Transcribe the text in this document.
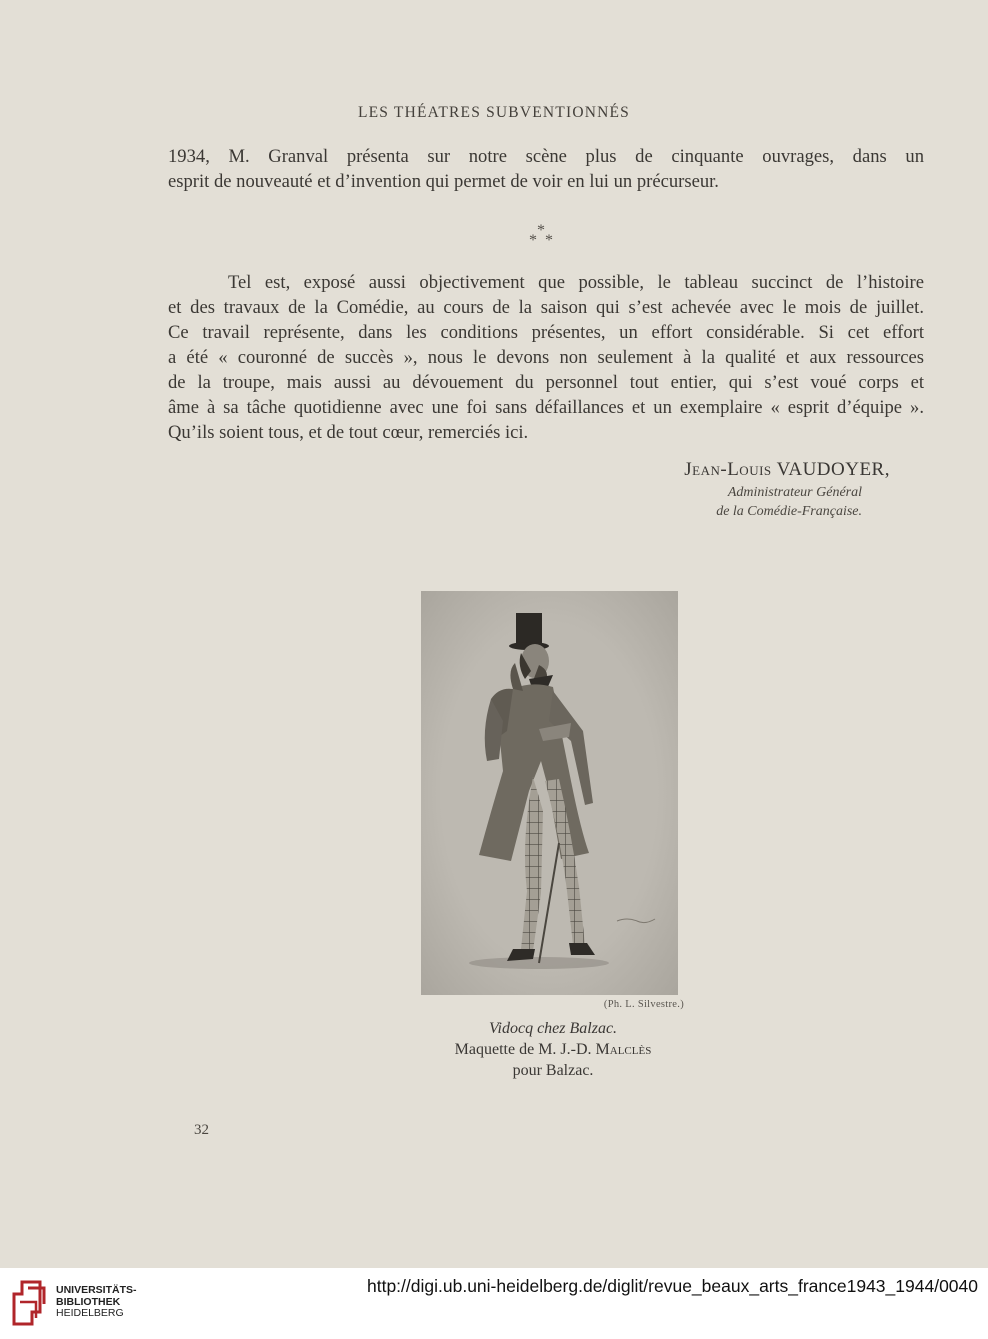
LES THÉATRES SUBVENTIONNÉS
1934, M. Granval présenta sur notre scène plus de cinquante ouvrages, dans un
esprit de nouveauté et d’invention qui permet de voir en lui un précurseur.
*
* *
Tel est, exposé aussi objectivement que possible, le tableau succinct de l’histoire
et des travaux de la Comédie, au cours de la saison qui s’est achevée avec le mois de juillet.
Ce travail représente, dans les conditions présentes, un effort considérable. Si cet effort
a été « couronné de succès », nous le devons non seulement à la qualité et aux ressources
de la troupe, mais aussi au dévouement du personnel tout entier, qui s’est voué corps et
âme à sa tâche quotidienne avec une foi sans défaillances et un exemplaire « esprit d’équipe ».
Qu’ils soient tous, et de tout cœur, remerciés ici.
Jean-Louis VAUDOYER,
Administrateur Général
de la Comédie-Française.
(Ph. L. Silvestre.)
Vidocq chez Balzac.
Maquette de M. J.-D. Malclès
pour Balzac.
32
UNIVERSITÄTS-
BIBLIOTHEK
HEIDELBERG
http://digi.ub.uni-heidelberg.de/diglit/revue_beaux_arts_france1943_1944/0040
